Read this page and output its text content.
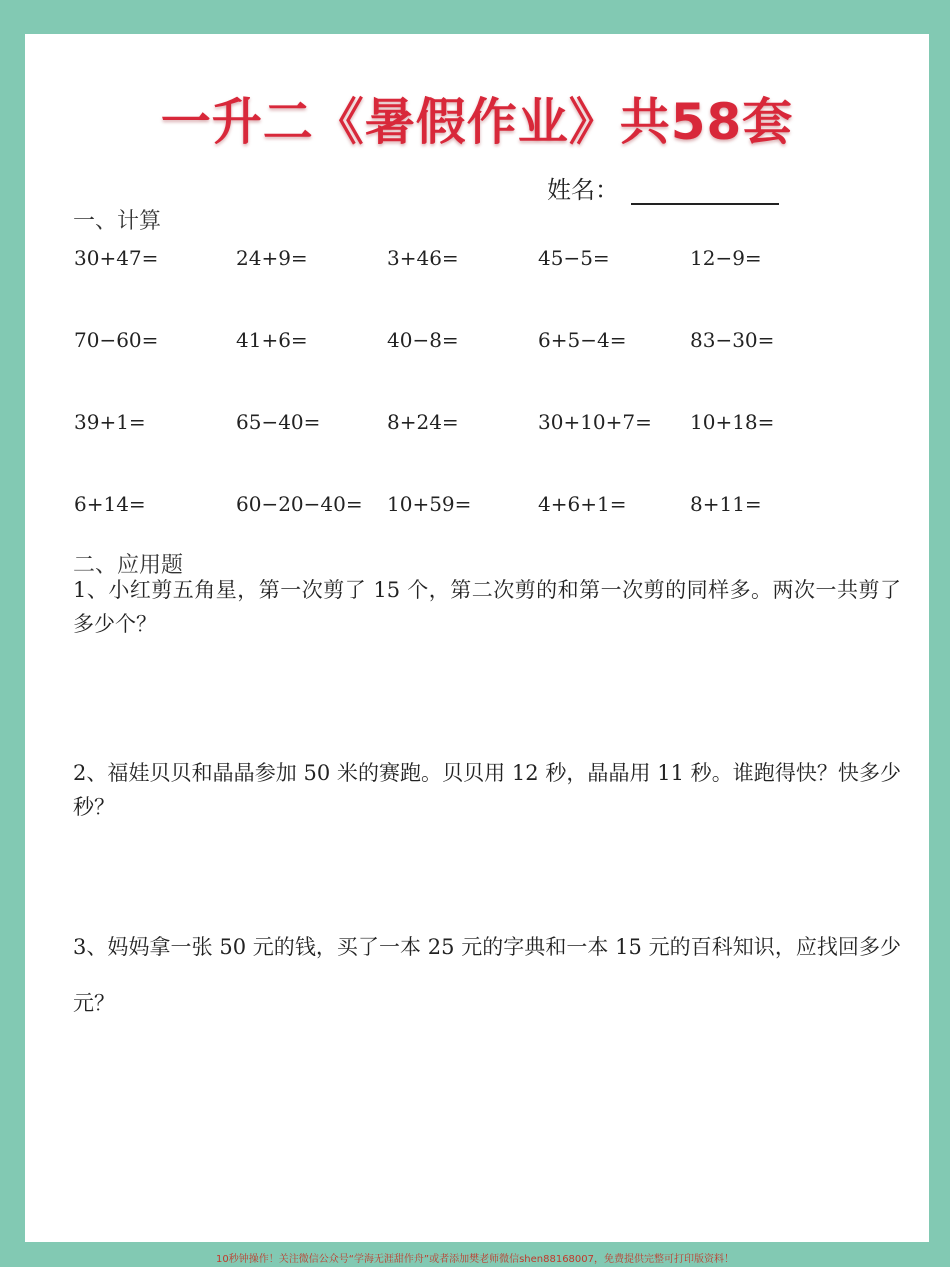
一升二《暑假作业》共58套
姓名：
一、计算
30+47=	24+9=	3+46=	45−5=	12−9=
70−60=	41+6=	40−8=	6+5−4=	83−30=
39+1=	65−40=	8+24=	30+10+7= 10+18=
6+14=	60−20−40= 10+59=	4+6+1=	8+11=
二、应用题
1、小红剪五角星，第一次剪了 15 个，第二次剪的和第一次剪的同样多。两次一共剪了多少个？
2、福娃贝贝和晶晶参加 50 米的赛跑。贝贝用 12 秒，晶晶用 11 秒。谁跑得快？快多少秒？
3、妈妈拿一张 50 元的钱，买了一本 25 元的字典和一本 15 元的百科知识，应找回多少元？
10秒钟操作！关注微信公众号“学海无涯甜作舟”或者添加樊老师微信shen88168007，免费提供完整可打印版资料！
